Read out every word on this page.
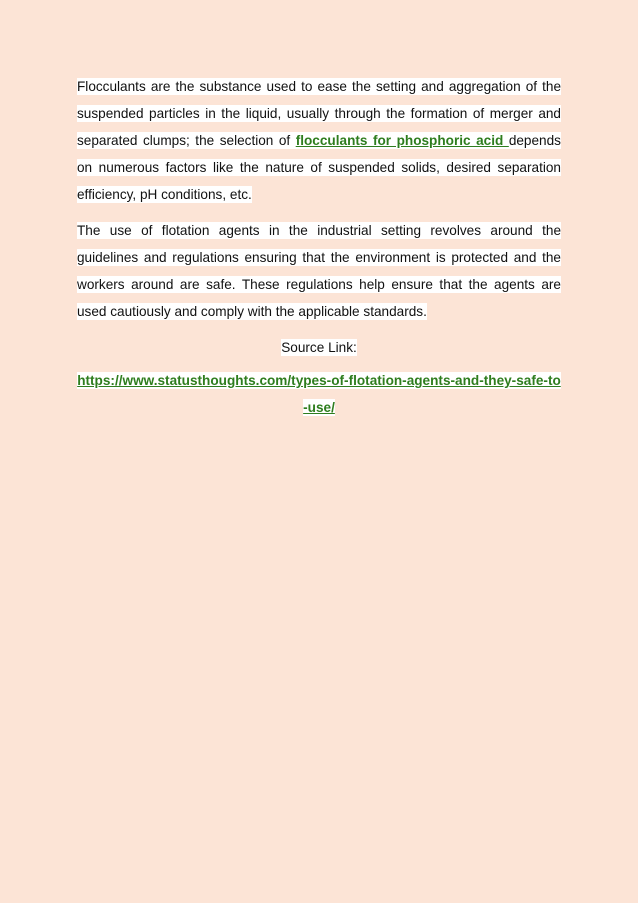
Flocculants are the substance used to ease the setting and aggregation of the suspended particles in the liquid, usually through the formation of merger and separated clumps; the selection of flocculants for phosphoric acid depends on numerous factors like the nature of suspended solids, desired separation efficiency, pH conditions, etc.

The use of flotation agents in the industrial setting revolves around the guidelines and regulations ensuring that the environment is protected and the workers around are safe. These regulations help ensure that the agents are used cautiously and comply with the applicable standards.

Source Link:

https://www.statusthoughts.com/types-of-flotation-agents-and-they-safe-to-use/
